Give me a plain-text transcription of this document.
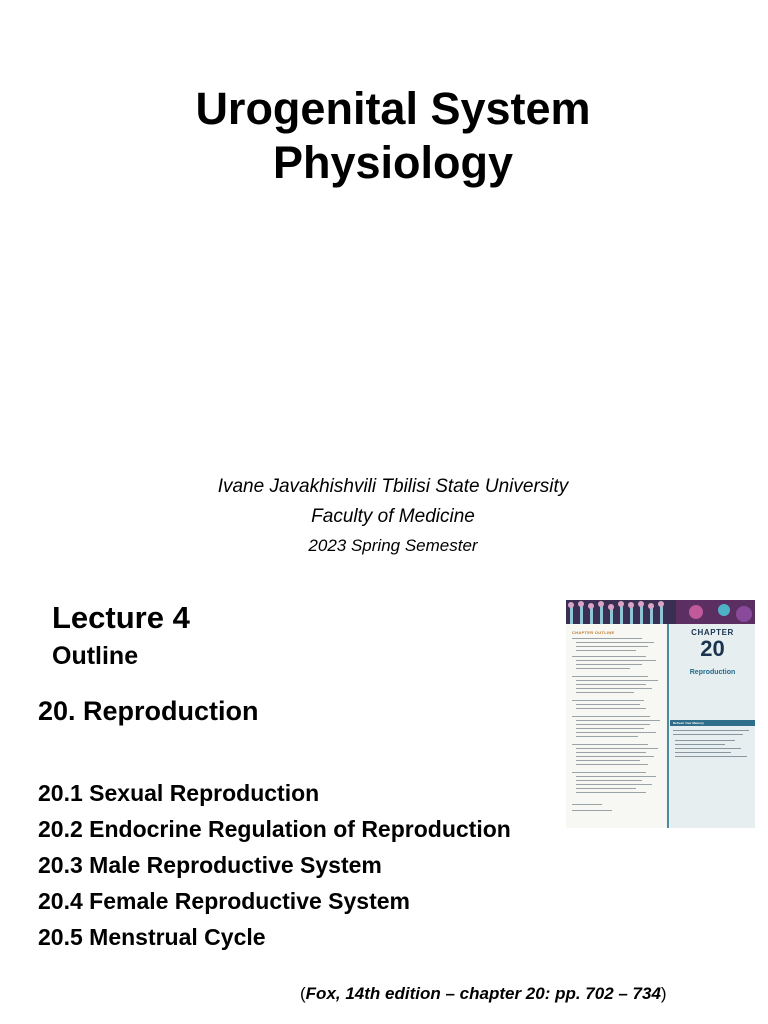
Urogenital System
Physiology
Ivane Javakhishvili Tbilisi State University
Faculty of Medicine
2023 Spring Semester
Lecture 4
Outline
20. Reproduction
20.1 Sexual Reproduction
20.2 Endocrine Regulation of Reproduction
20.3 Male Reproductive System
20.4 Female Reproductive System
20.5 Menstrual Cycle
(Fox, 14th edition – chapter 20: pp. 702 – 734)
CHAPTER OUTLINE	CHAPTER
20
Reproduction
Refresh Your Memory
